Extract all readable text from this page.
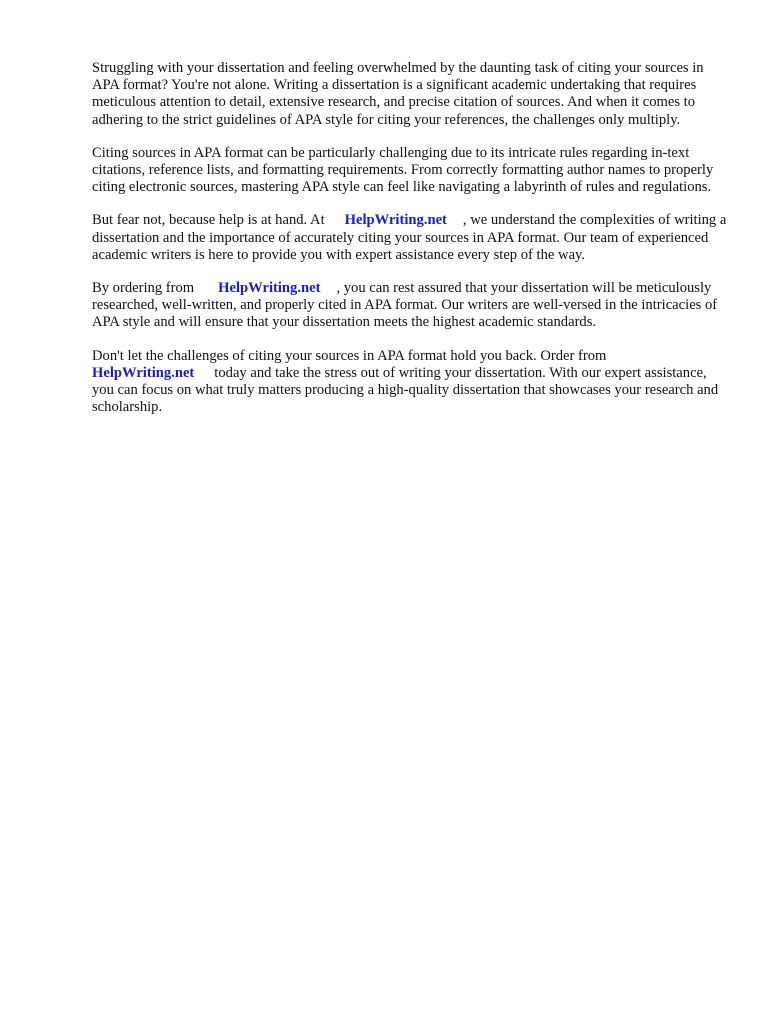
Struggling with your dissertation and feeling overwhelmed by the daunting task of citing your sources in APA format? You're not alone. Writing a dissertation is a significant academic undertaking that requires meticulous attention to detail, extensive research, and precise citation of sources. And when it comes to adhering to the strict guidelines of APA style for citing your references, the challenges only multiply.

Citing sources in APA format can be particularly challenging due to its intricate rules regarding in-text citations, reference lists, and formatting requirements. From correctly formatting author names to properly citing electronic sources, mastering APA style can feel like navigating a labyrinth of rules and regulations.

But fear not, because help is at hand. At HelpWriting.net , we understand the complexities of writing a dissertation and the importance of accurately citing your sources in APA format. Our team of experienced academic writers is here to provide you with expert assistance every step of the way.

By ordering from HelpWriting.net , you can rest assured that your dissertation will be meticulously researched, well-written, and properly cited in APA format. Our writers are well-versed in the intricacies of APA style and will ensure that your dissertation meets the highest academic standards.

Don't let the challenges of citing your sources in APA format hold you back. Order from HelpWriting.net today and take the stress out of writing your dissertation. With our expert assistance, you can focus on what truly matters producing a high-quality dissertation that showcases your research and scholarship.
